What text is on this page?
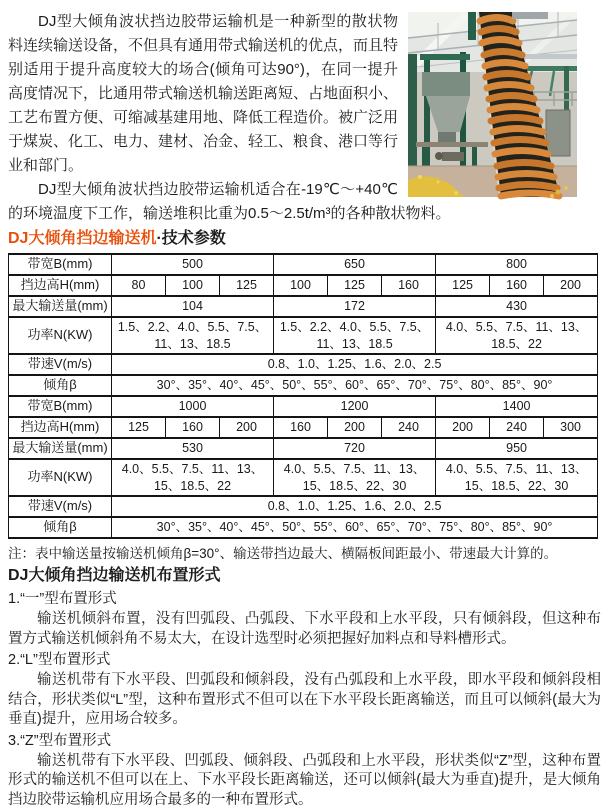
DJ型大倾角波状挡边胶带运输机是一种新型的散状物料连续输送设备，不但具有通用带式输送机的优点，而且特别适用于提升高度较大的场合(倾角可达90°)，在同一提升高度情况下，比通用带式输送机输送距离短、占地面积小、工艺布置方便、可缩减基建用地、降低工程造价。被广泛用于煤炭、化工、电力、建材、冶金、轻工、粮食、港口等行业和部门。

DJ型大倾角波状挡边胶带运输机适合在-19℃～+40℃的环境温度下工作，输送堆积比重为0.5～2.5t/m³的各种散状物料。

DJ大倾角挡边输送机·技术参数
带宽B(mm)	500			650			800		
挡边高H(mm)	80	100	125	100	125	160	125	160	200
最大输送量(mm)	104			172			430		
功率N(KW)	1.5、2.2、4.0、5.5、7.5、11、13、18.5			1.5、2.2、4.0、5.5、7.5、11、13、18.5			4.0、5.5、7.5、11、13、18.5、22		
带速V(m/s)	0.8、1.0、1.25、1.6、2.0、2.5								
倾角β	30°、35°、40°、45°、50°、55°、60°、65°、70°、75°、80°、85°、90°								
带宽B(mm)	1000			1200			1400		
挡边高H(mm)	125	160	200	160	200	240	200	240	300
最大输送量(mm)	530			720			950		
功率N(KW)	4.0、5.5、7.5、11、13、15、18.5、22			4.0、5.5、7.5、11、13、15、18.5、22、30			4.0、5.5、7.5、11、13、15、18.5、22、30		
带速V(m/s)	0.8、1.0、1.25、1.6、2.0、2.5								
倾角β	30°、35°、40°、45°、50°、55°、60°、65°、70°、75°、80°、85°、90°								

注：表中输送量按输送机倾角β=30°、输送带挡边最大、横隔板间距最小、带速最大计算的。

DJ大倾角挡边输送机布置形式
1.“一”型布置形式

输送机倾斜布置，没有凹弧段、凸弧段、下水平段和上水平段，只有倾斜段，但这种布置方式输送机倾斜角不易太大，在设计选型时必须把握好加料点和导料槽形式。

2.“L”型布置形式

输送机带有下水平段、凹弧段和倾斜段，没有凸弧段和上水平段，即水平段和倾斜段相结合，形状类似“L”型，这种布置形式不但可以在下水平段长距离输送，而且可以倾斜(最大为垂直)提升，应用场合较多。

3.“Z”型布置形式

输送机带有下水平段、凹弧段、倾斜段、凸弧段和上水平段，形状类似“Z”型，这种布置形式的输送机不但可以在上、下水平段长距离输送，还可以倾斜(最大为垂直)提升，是大倾角挡边胶带运输机应用场合最多的一种布置形式。
